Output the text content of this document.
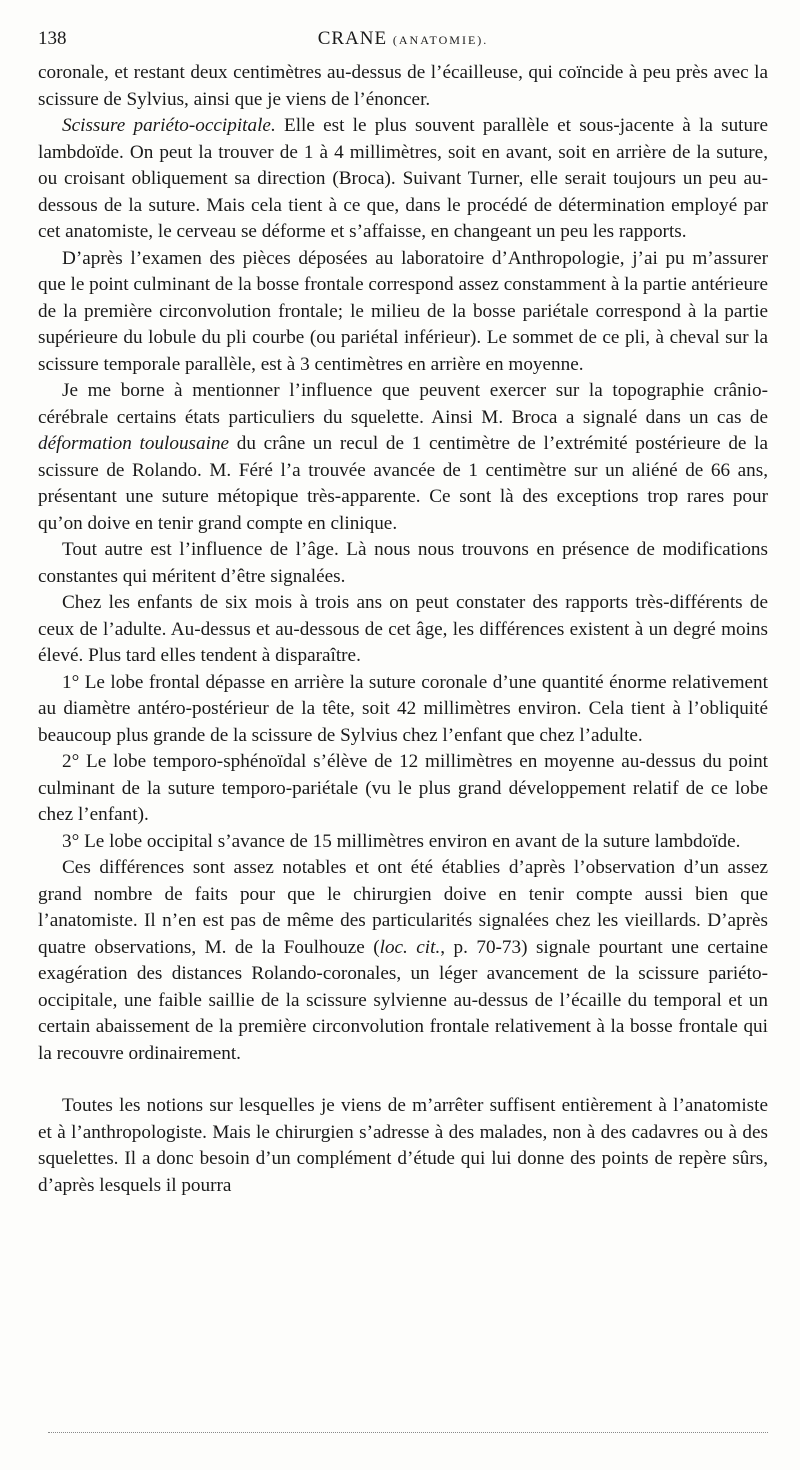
138	CRANE (ANATOMIE).

coronale, et restant deux centimètres au-dessus de l’écailleuse, qui coïncide à peu près avec la scissure de Sylvius, ainsi que je viens de l’énoncer.

Scissure pariéto-occipitale. Elle est le plus souvent parallèle et sous-jacente à la suture lambdoïde. On peut la trouver de 1 à 4 millimètres, soit en avant, soit en arrière de la suture, ou croisant obliquement sa direction (Broca). Suivant Turner, elle serait toujours un peu au-dessous de la suture. Mais cela tient à ce que, dans le procédé de détermination employé par cet anatomiste, le cerveau se déforme et s’affaisse, en changeant un peu les rapports.

D’après l’examen des pièces déposées au laboratoire d’Anthropologie, j’ai pu m’assurer que le point culminant de la bosse frontale correspond assez constamment à la partie antérieure de la première circonvolution frontale; le milieu de la bosse pariétale correspond à la partie supérieure du lobule du pli courbe (ou pariétal inférieur). Le sommet de ce pli, à cheval sur la scissure temporale parallèle, est à 3 centimètres en arrière en moyenne.

Je me borne à mentionner l’influence que peuvent exercer sur la topographie crânio-cérébrale certains états particuliers du squelette. Ainsi M. Broca a signalé dans un cas de déformation toulousaine du crâne un recul de 1 centimètre de l’extrémité postérieure de la scissure de Rolando. M. Féré l’a trouvée avancée de 1 centimètre sur un aliéné de 66 ans, présentant une suture métopique très-apparente. Ce sont là des exceptions trop rares pour qu’on doive en tenir grand compte en clinique.

Tout autre est l’influence de l’âge. Là nous nous trouvons en présence de modifications constantes qui méritent d’être signalées.

Chez les enfants de six mois à trois ans on peut constater des rapports très-différents de ceux de l’adulte. Au-dessus et au-dessous de cet âge, les différences existent à un degré moins élevé. Plus tard elles tendent à disparaître.

1° Le lobe frontal dépasse en arrière la suture coronale d’une quantité énorme relativement au diamètre antéro-postérieur de la tête, soit 42 millimètres environ. Cela tient à l’obliquité beaucoup plus grande de la scissure de Sylvius chez l’enfant que chez l’adulte.

2° Le lobe temporo-sphénoïdal s’élève de 12 millimètres en moyenne au-dessus du point culminant de la suture temporo-pariétale (vu le plus grand développement relatif de ce lobe chez l’enfant).

3° Le lobe occipital s’avance de 15 millimètres environ en avant de la suture lambdoïde.

Ces différences sont assez notables et ont été établies d’après l’observation d’un assez grand nombre de faits pour que le chirurgien doive en tenir compte aussi bien que l’anatomiste. Il n’en est pas de même des particularités signalées chez les vieillards. D’après quatre observations, M. de la Foulhouze (loc. cit., p. 70-73) signale pourtant une certaine exagération des distances Rolando-coronales, un léger avancement de la scissure pariéto-occipitale, une faible saillie de la scissure sylvienne au-dessus de l’écaille du temporal et un certain abaissement de la première circonvolution frontale relativement à la bosse frontale qui la recouvre ordinairement.

Toutes les notions sur lesquelles je viens de m’arrêter suffisent entièrement à l’anatomiste et à l’anthropologiste. Mais le chirurgien s’adresse à des malades, non à des cadavres ou à des squelettes. Il a donc besoin d’un complément d’étude qui lui donne des points de repère sûrs, d’après lesquels il pourra
